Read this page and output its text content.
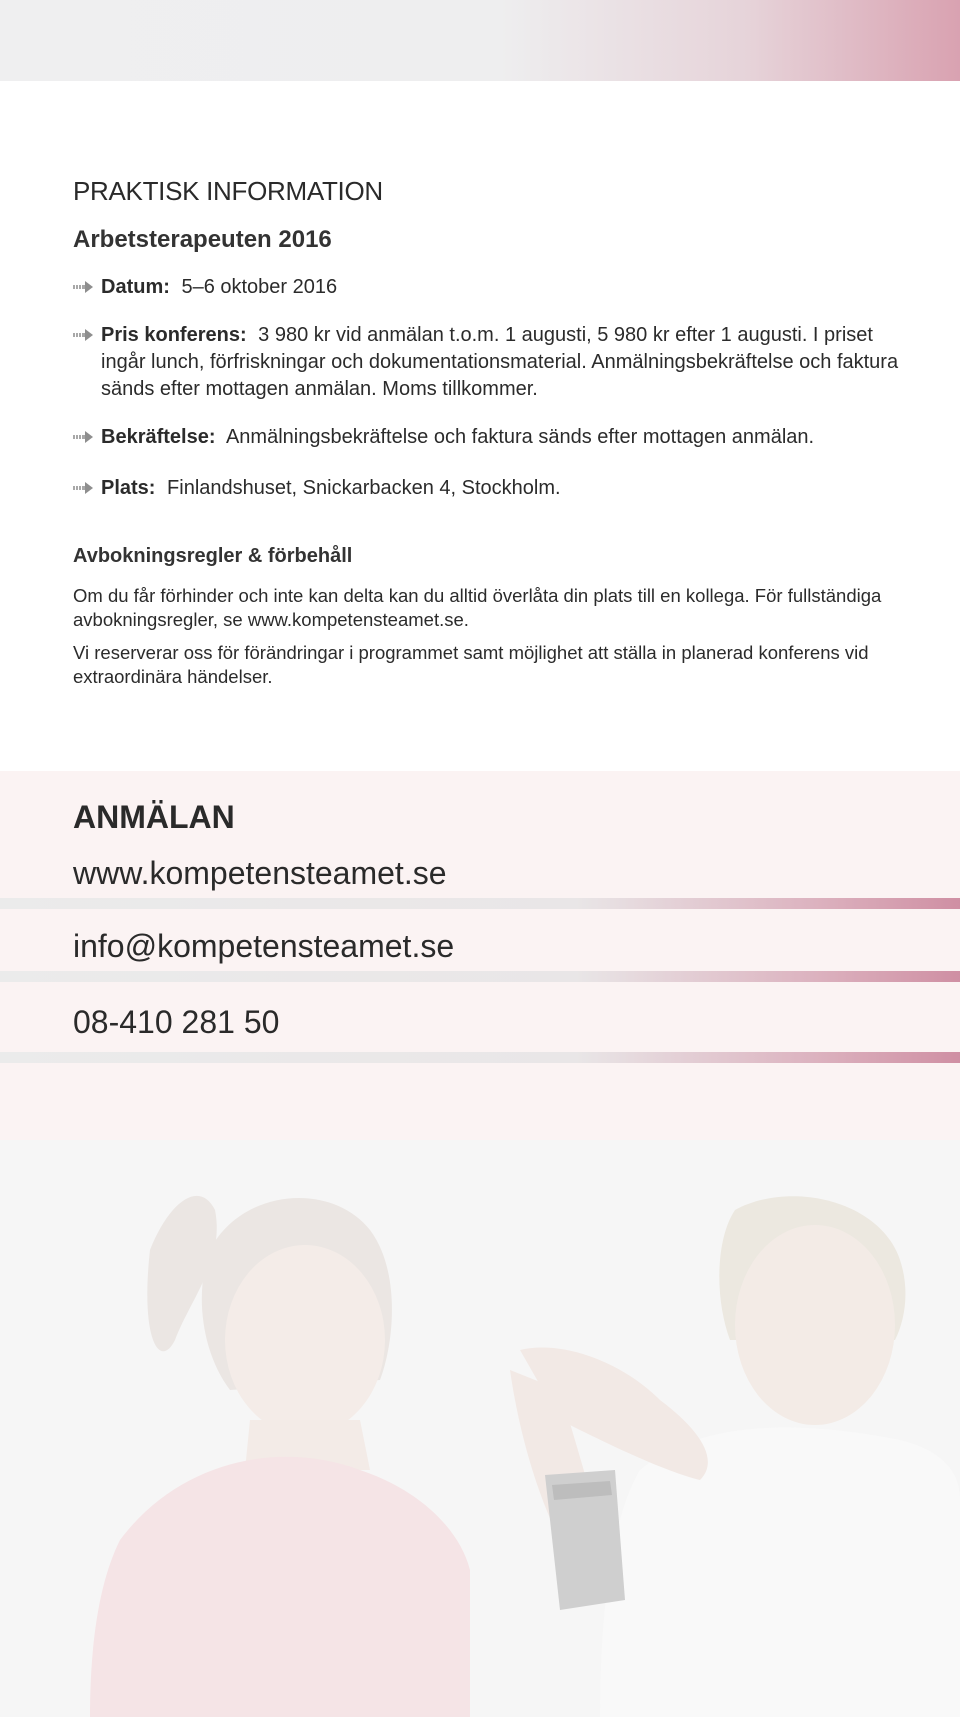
PRAKTISK INFORMATION
Arbetsterapeuten 2016
Datum: 5–6 oktober 2016
Pris konferens: 3 980 kr vid anmälan t.o.m. 1 augusti, 5 980 kr efter 1 augusti. I priset ingår lunch, förfriskningar och dokumentationsmaterial. Anmälningsbekräftelse och faktura sänds efter mottagen anmälan. Moms tillkommer.
Bekräftelse: Anmälningsbekräftelse och faktura sänds efter mottagen anmälan.
Plats: Finlandshuset, Snickarbacken 4, Stockholm.
Avbokningsregler & förbehåll

Om du får förhinder och inte kan delta kan du alltid överlåta din plats till en kollega. För fullständiga avbokningsregler, se www.kompetensteamet.se.

Vi reserverar oss för förändringar i programmet samt möjlighet att ställa in planerad konferens vid extraordinära händelser.

ANMÄLAN
www.kompetensteamet.se
info@kompetensteamet.se

08-410 281 50
